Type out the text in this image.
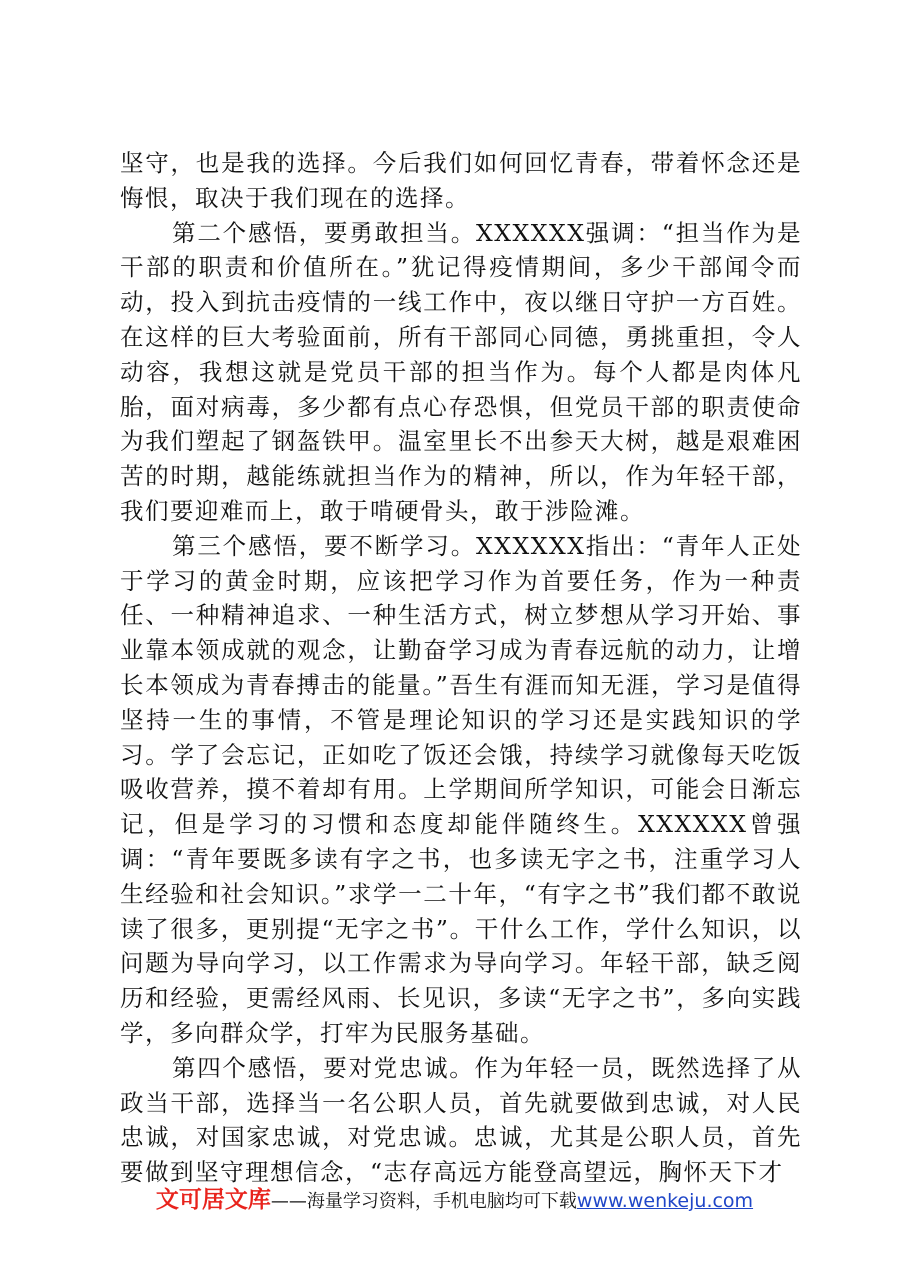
坚守，也是我的选择。今后我们如何回忆青春，带着怀念还是悔恨，取决于我们现在的选择。

第二个感悟，要勇敢担当。XXXXXX强调：“担当作为是干部的职责和价值所在。”犹记得疫情期间，多少干部闻令而动，投入到抗击疫情的一线工作中，夜以继日守护一方百姓。在这样的巨大考验面前，所有干部同心同德，勇挑重担，令人动容，我想这就是党员干部的担当作为。每个人都是肉体凡胎，面对病毒，多少都有点心存恐惧，但党员干部的职责使命为我们塑起了钢盔铁甲。温室里长不出参天大树，越是艰难困苦的时期，越能练就担当作为的精神，所以，作为年轻干部，我们要迎难而上，敢于啃硬骨头，敢于涉险滩。

第三个感悟，要不断学习。XXXXXX指出：“青年人正处于学习的黄金时期，应该把学习作为首要任务，作为一种责任、一种精神追求、一种生活方式，树立梦想从学习开始、事业靠本领成就的观念，让勤奋学习成为青春远航的动力，让增长本领成为青春搏击的能量。”吾生有涯而知无涯，学习是值得坚持一生的事情，不管是理论知识的学习还是实践知识的学习。学了会忘记，正如吃了饭还会饿，持续学习就像每天吃饭吸收营养，摸不着却有用。上学期间所学知识，可能会日渐忘记，但是学习的习惯和态度却能伴随终生。XXXXXX曾强调：“青年要既多读有字之书，也多读无字之书，注重学习人生经验和社会知识。”求学一二十年，“有字之书”我们都不敢说读了很多，更别提“无字之书”。干什么工作，学什么知识，以问题为导向学习，以工作需求为导向学习。年轻干部，缺乏阅历和经验，更需经风雨、长见识，多读“无字之书”，多向实践学，多向群众学，打牢为民服务基础。

第四个感悟，要对党忠诚。作为年轻一员，既然选择了从政当干部，选择当一名公职人员，首先就要做到忠诚，对人民忠诚，对国家忠诚，对党忠诚。忠诚，尤其是公职人员，首先要做到坚守理想信念，“志存高远方能登高望远，胸怀天下才

文可居文库——海量学习资料，手机电脑均可下载www.wenkeju.com
